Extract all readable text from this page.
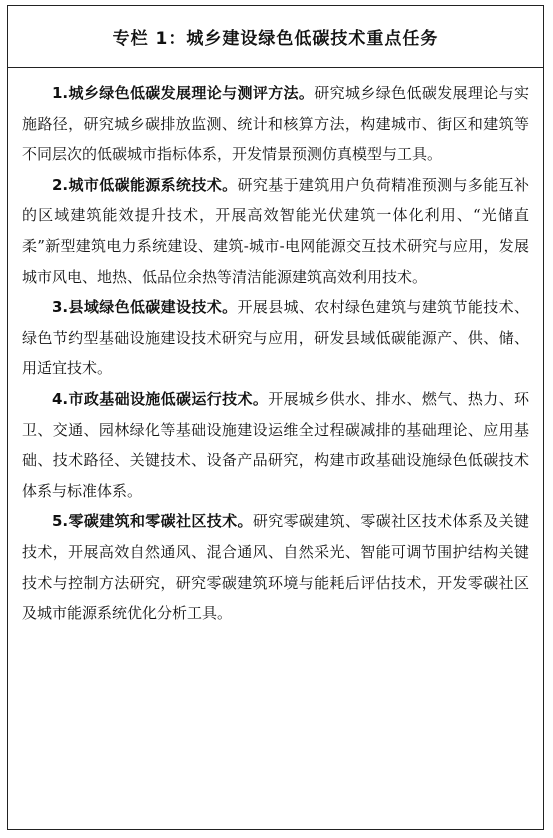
专栏 1：城乡建设绿色低碳技术重点任务

1.城乡绿色低碳发展理论与测评方法。研究城乡绿色低碳发展理论与实施路径，研究城乡碳排放监测、统计和核算方法，构建城市、街区和建筑等不同层次的低碳城市指标体系，开发情景预测仿真模型与工具。

2.城市低碳能源系统技术。研究基于建筑用户负荷精准预测与多能互补的区域建筑能效提升技术，开展高效智能光伏建筑一体化利用、“光储直柔”新型建筑电力系统建设、建筑-城市-电网能源交互技术研究与应用，发展城市风电、地热、低品位余热等清洁能源建筑高效利用技术。

3.县域绿色低碳建设技术。开展县城、农村绿色建筑与建筑节能技术、绿色节约型基础设施建设技术研究与应用，研发县域低碳能源产、供、储、用适宜技术。

4.市政基础设施低碳运行技术。开展城乡供水、排水、燃气、热力、环卫、交通、园林绿化等基础设施建设运维全过程碳减排的基础理论、应用基础、技术路径、关键技术、设备产品研究，构建市政基础设施绿色低碳技术体系与标准体系。

5.零碳建筑和零碳社区技术。研究零碳建筑、零碳社区技术体系及关键技术，开展高效自然通风、混合通风、自然采光、智能可调节围护结构关键技术与控制方法研究，研究零碳建筑环境与能耗后评估技术，开发零碳社区及城市能源系统优化分析工具。
